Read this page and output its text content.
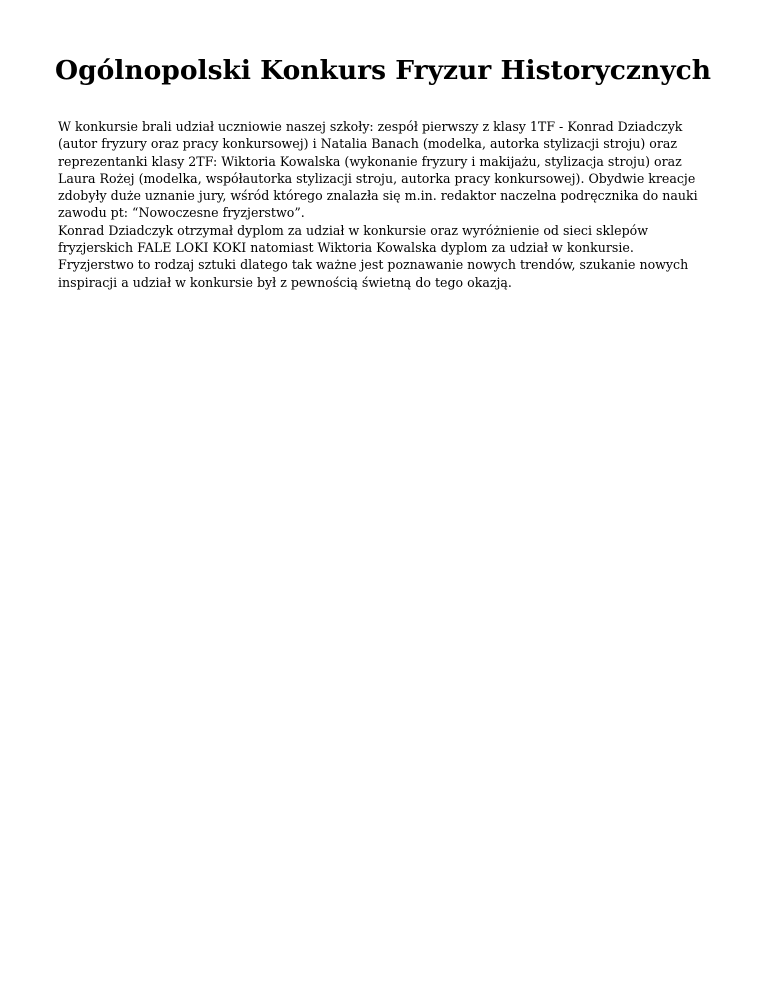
Ogólnopolski Konkurs Fryzur Historycznych
W konkursie brali udział uczniowie naszej szkoły: zespół pierwszy z klasy 1TF - Konrad Dziadczyk
(autor fryzury oraz pracy konkursowej) i Natalia Banach (modelka, autorka stylizacji stroju) oraz
reprezentanki klasy 2TF: Wiktoria Kowalska (wykonanie fryzury i makijażu, stylizacja stroju) oraz
Laura Rożej (modelka, współautorka stylizacji stroju, autorka pracy konkursowej). Obydwie kreacje
zdobyły duże uznanie jury, wśród którego znalazła się m.in. redaktor naczelna podręcznika do nauki
zawodu pt: “Nowoczesne fryzjerstwo”.
Konrad Dziadczyk otrzymał dyplom za udział w konkursie oraz wyróżnienie od sieci sklepów
fryzjerskich FALE LOKI KOKI natomiast Wiktoria Kowalska dyplom za udział w konkursie.
Fryzjerstwo to rodzaj sztuki dlatego tak ważne jest poznawanie nowych trendów, szukanie nowych
inspiracji a udział w konkursie był z pewnością świetną do tego okazją.
